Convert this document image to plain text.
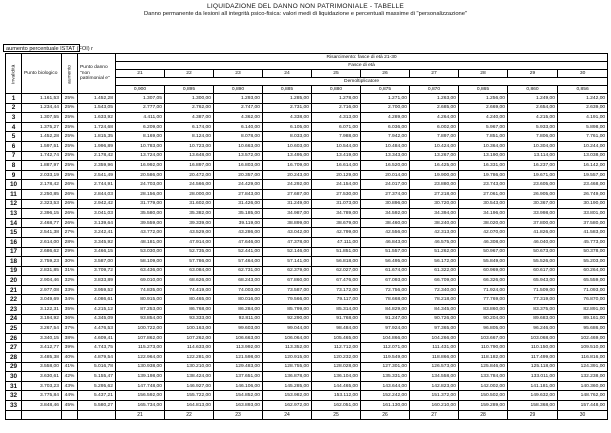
LIQUIDAZIONE DEL DANNO NON PATRIMONIALE - TABELLE
Danno permanente da lesioni all integrità psico-fisica: valori medi di liquidazione e percentuali massime di "personalizzazione"
aumento percentuale ISTAT (FOI) r
Invalidità	Punto biologico	aumento	Punto danno "non patrimonial e"	Risarcimento: fasce di età 21-30									
				Fasce di età									
				21	22	23	24	25	26	27	28	29	30
				Demoltiplicatore									
				0,900	0,895	0,890	0,885	0,880	0,875	0,870	0,865	0,860	0,856
1	1.161,53	25%	1.452,28	1.307,05	1.300,00	1.293,00	1.285,00	1.278,00	1.271,00	1.263,00	1.256,00	1.249,00	1.242,00
2	1.234,44	25%	1.543,05	2.777,00	2.762,00	2.747,00	2.731,00	2.716,00	2.700,00	2.685,00	2.669,00	2.654,00	2.639,00
3	1.307,55	25%	1.633,92	4.411,00	4.387,00	4.362,00	4.338,00	4.313,00	4.289,00	4.264,00	4.240,00	4.215,00	4.191,00
4	1.375,27	25%	1.724,68	6.209,00	6.174,00	6.140,00	6.105,00	6.071,00	6.036,00	6.002,00	5.967,00	5.933,00	5.898,00
5	1.452,28	25%	1.815,35	8.169,00	8.124,00	8.078,00	8.033,00	7.988,00	7.942,00	7.897,00	7.851,00	7.806,00	7.761,00
6	1.597,51	25%	1.996,89	10.783,00	10.723,00	10.663,00	10.603,00	10.544,00	10.484,00	10.424,00	10.364,00	10.304,00	10.244,00
7	1.742,74	25%	2.178,42	13.724,00	13.648,00	13.572,00	13.495,00	13.419,00	13.343,00	13.267,00	13.190,00	13.114,00	13.038,00
8	1.887,97	25%	2.359,96	16.992,00	16.897,00	16.803,00	16.709,00	16.614,00	16.520,00	16.425,00	16.331,00	16.237,00	16.142,00
9	2.033,19	25%	2.541,49	20.586,00	20.472,00	20.357,00	20.243,00	20.129,00	20.014,00	19.900,00	19.786,00	19.671,00	19.557,00
10	2.178,42	26%	2.744,91	24.703,00	24.566,00	24.429,00	24.292,00	24.154,00	24.017,00	23.880,00	23.743,00	23.605,00	23.468,00
11	2.250,85	26%	2.844,03	28.156,00	28.000,00	27.843,00	27.687,00	27.530,00	27.374,00	27.218,00	27.061,00	26.905,00	26.749,00
12	2.323,53	26%	2.942,42	31.779,00	31.602,00	31.426,00	31.249,00	31.073,00	30.896,00	30.720,00	30.543,00	30.367,00	30.190,00
13	2.396,15	26%	3.041,03	35.580,00	35.382,00	35.185,00	34.987,00	34.789,00	34.592,00	34.394,00	34.196,00	33.998,00	33.801,00
14	2.468,77	26%	3.139,64	39.559,00	39.339,00	39.119,00	38.899,00	38.679,00	38.460,00	38.240,00	38.020,00	37.800,00	37.580,00
15	2.541,38	27%	3.242,41	43.772,00	43.529,00	43.286,00	43.042,00	42.799,00	42.556,00	42.313,00	42.070,00	41.826,00	41.583,00
16	2.614,00	28%	3.345,92	48.181,00	47.914,00	47.646,00	47.378,00	47.111,00	46.843,00	46.575,00	46.308,00	46.040,00	45.773,00
17	2.686,62	29%	3.466,15	53.030,00	52.735,00	52.441,00	52.146,00	51.851,00	51.557,00	51.262,00	50.967,00	50.673,00	50.378,00
18	2.759,23	30%	3.587,00	58.109,00	57.786,00	57.464,00	57.141,00	56.818,00	56.495,00	56.172,00	55.849,00	55.526,00	55.203,00
19	2.831,85	31%	3.709,72	63.436,00	63.084,00	62.731,00	62.379,00	62.027,00	61.674,00	61.322,00	60.969,00	60.617,00	60.264,00
20	2.904,46	32%	3.833,89	69.010,00	68.626,00	68.243,00	67.860,00	67.476,00	67.093,00	66.709,00	66.326,00	65.943,00	65.559,00
21	2.977,08	33%	3.959,52	74.835,00	74.419,00	74.003,00	73.587,00	73.172,00	72.756,00	72.340,00	71.924,00	71.509,00	71.093,00
22	3.049,69	34%	4.086,61	80.915,00	80.465,00	80.016,00	79.566,00	79.117,00	78.668,00	78.218,00	77.769,00	77.319,00	76.870,00
23	3.122,31	35%	4.215,12	87.253,00	86.768,00	86.284,00	85.799,00	85.314,00	84.829,00	84.345,00	83.860,00	83.375,00	82.891,00
24	3.194,92	36%	4.345,09	93.854,00	93.333,00	92.811,00	92.290,00	91.768,00	91.247,00	90.726,00	90.204,00	89.683,00	89.161,00
25	3.267,54	37%	4.476,53	100.722,00	100.163,00	99.603,00	99.044,00	98.484,00	97.924,00	97.365,00	96.805,00	96.246,00	95.686,00
26	3.340,15	38%	4.609,41	107.862,00	107.262,00	106.663,00	106.064,00	105.465,00	104.866,00	104.266,00	103.667,00	103.068,00	102.469,00
27	3.412,77	39%	4.743,75	115.273,00	114.633,00	113.992,00	113.352,00	112.712,00	112.071,00	111.431,00	110.790,00	110.150,00	109.510,00
28	3.485,38	40%	4.879,54	122.964,00	122.281,00	121.598,00	120.915,00	120.232,00	119.549,00	118.866,00	118.182,00	117.499,00	116.816,00
29	3.558,00	41%	5.016,78	130.938,00	130.210,00	129.483,00	128.755,00	128.028,00	127.301,00	126.573,00	125.846,00	125.118,00	124.391,00
30	3.630,61	42%	5.155,47	139.198,00	138.424,00	137.651,00	136.878,00	136.104,00	135.331,00	134.558,00	133.784,00	133.011,00	132.238,00
31	3.703,23	43%	5.295,62	147.748,00	146.927,00	146.106,00	145.285,00	144.465,00	143.644,00	142.823,00	142.002,00	141.181,00	140.360,00
32	3.775,84	44%	5.437,21	156.592,00	155.722,00	154.852,00	153.982,00	153.112,00	152.242,00	151.372,00	150.502,00	149.632,00	148.762,00
33	3.848,46	45%	5.580,27	165.734,00	164.813,00	163.893,00	162.972,00	162.051,00	161.130,00	160.210,00	159.289,00	158.368,00	157.448,00
				21	22	23	24	25	26	27	28	29	30
